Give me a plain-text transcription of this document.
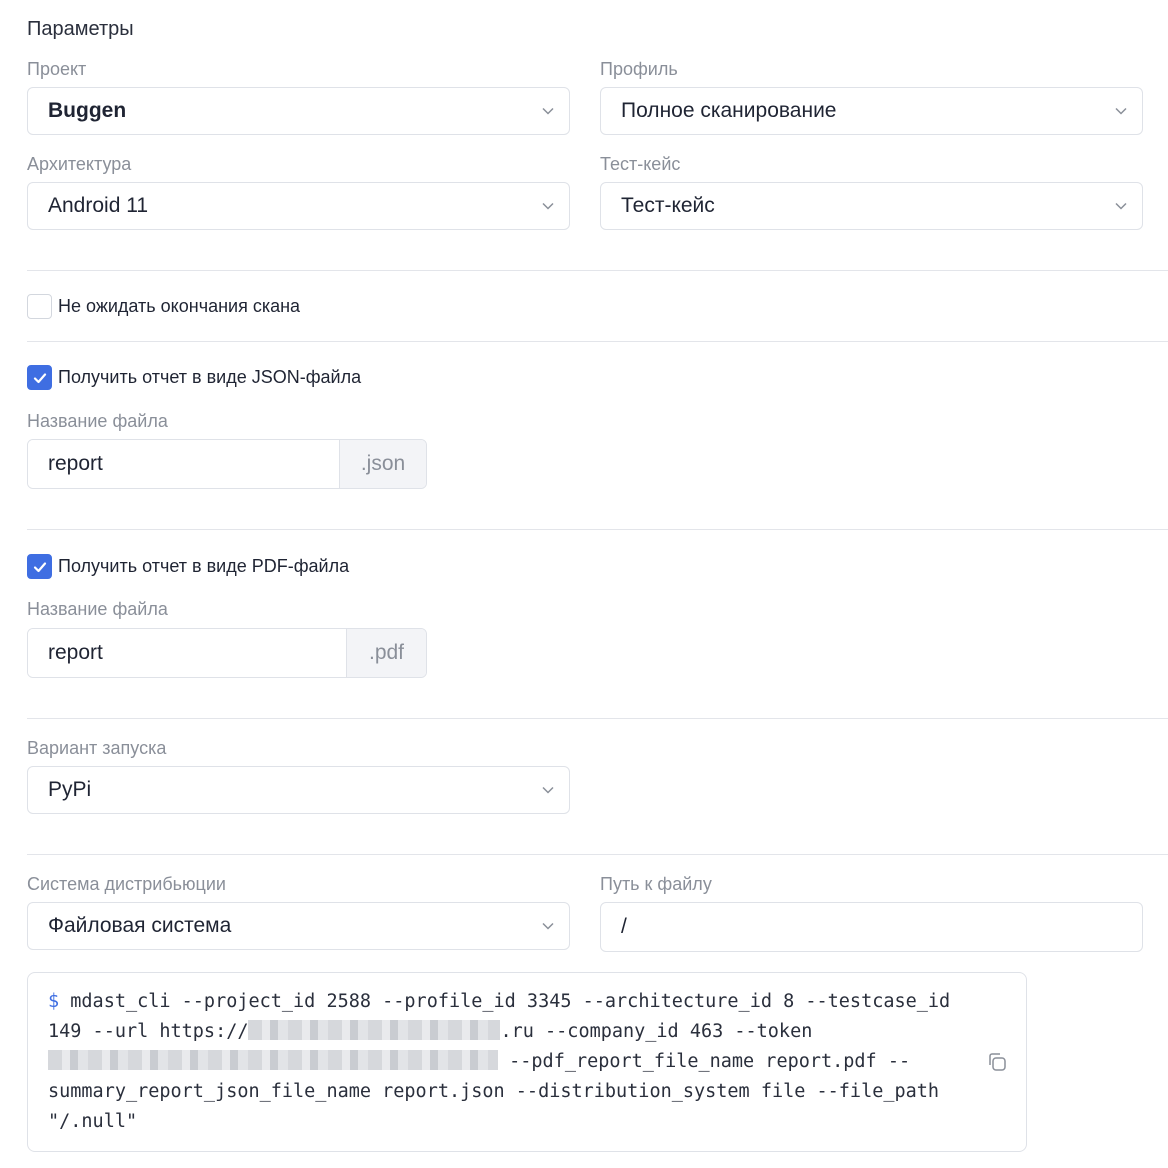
Параметры
Проект
Buggen
Профиль
Полное сканирование
Архитектура
Android 11
Тест-кейс
Тест-кейс
Не ожидать окончания скана
Получить отчет в виде JSON-файла
Название файла
report	.json
Получить отчет в виде PDF-файла
Название файла
report	.pdf
Вариант запуска
PyPi
Система дистрибьюции
Файловая система
Путь к файлу
/
$ mdast_cli --project_id 2588 --profile_id 3345 --architecture_id 8 --testcase_id
149 --url https://	.ru --company_id 463 --token
--pdf_report_file_name report.pdf --
summary_report_json_file_name report.json --distribution_system file --file_path
"/.null"
